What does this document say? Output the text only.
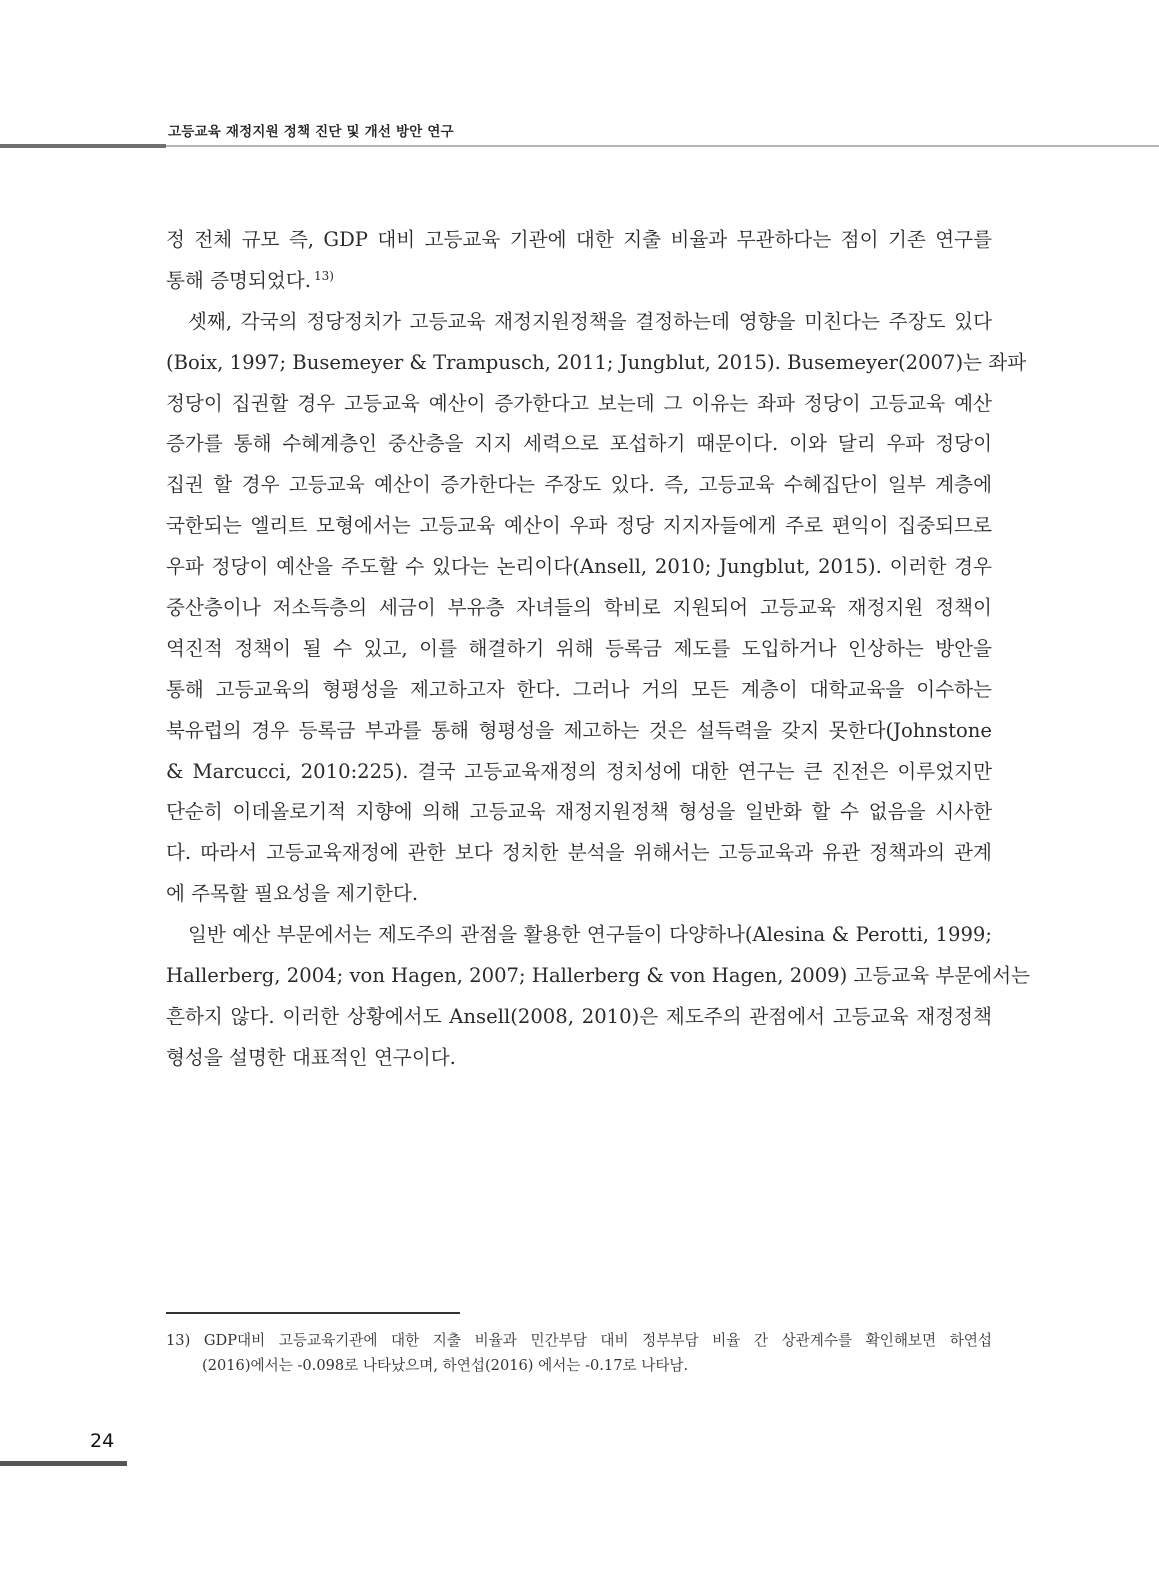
고등교육 재정지원 정책 진단 및 개선 방안 연구
정 전체 규모 즉, GDP 대비 고등교육 기관에 대한 지출 비율과 무관하다는 점이 기존 연구를
통해 증명되었다. $^{13)}$
셋째, 각국의 정당정치가 고등교육 재정지원정책을 결정하는데 영향을 미친다는 주장도 있다
(Boix, 1997; Busemeyer & Trampusch, 2011; Jungblut, 2015). Busemeyer(2007)는 좌파
정당이 집권할 경우 고등교육 예산이 증가한다고 보는데 그 이유는 좌파 정당이 고등교육 예산
증가를 통해 수혜계층인 중산층을 지지 세력으로 포섭하기 때문이다. 이와 달리 우파 정당이
집권 할 경우 고등교육 예산이 증가한다는 주장도 있다. 즉, 고등교육 수혜집단이 일부 계층에
국한되는 엘리트 모형에서는 고등교육 예산이 우파 정당 지지자들에게 주로 편익이 집중되므로
우파 정당이 예산을 주도할 수 있다는 논리이다(Ansell, 2010; Jungblut, 2015). 이러한 경우
중산층이나 저소득층의 세금이 부유층 자녀들의 학비로 지원되어 고등교육 재정지원 정책이
역진적 정책이 될 수 있고, 이를 해결하기 위해 등록금 제도를 도입하거나 인상하는 방안을
통해 고등교육의 형평성을 제고하고자 한다. 그러나 거의 모든 계층이 대학교육을 이수하는
북유럽의 경우 등록금 부과를 통해 형평성을 제고하는 것은 설득력을 갖지 못한다(Johnstone
& Marcucci, 2010:225). 결국 고등교육재정의 정치성에 대한 연구는 큰 진전은 이루었지만
단순히 이데올로기적 지향에 의해 고등교육 재정지원정책 형성을 일반화 할 수 없음을 시사한
다. 따라서 고등교육재정에 관한 보다 정치한 분석을 위해서는 고등교육과 유관 정책과의 관계
에 주목할 필요성을 제기한다.
일반 예산 부문에서는 제도주의 관점을 활용한 연구들이 다양하나(Alesina & Perotti, 1999;
Hallerberg, 2004; von Hagen, 2007; Hallerberg & von Hagen, 2009) 고등교육 부문에서는
흔하지 않다. 이러한 상황에서도 Ansell(2008, 2010)은 제도주의 관점에서 고등교육 재정정책
형성을 설명한 대표적인 연구이다.
13) GDP대비 고등교육기관에 대한 지출 비율과 민간부담 대비 정부부담 비율 간 상관계수를 확인해보면 하연섭
(2016)에서는 -0.098로 나타났으며, 하연섭(2016) 에서는 -0.17로 나타남.
24
